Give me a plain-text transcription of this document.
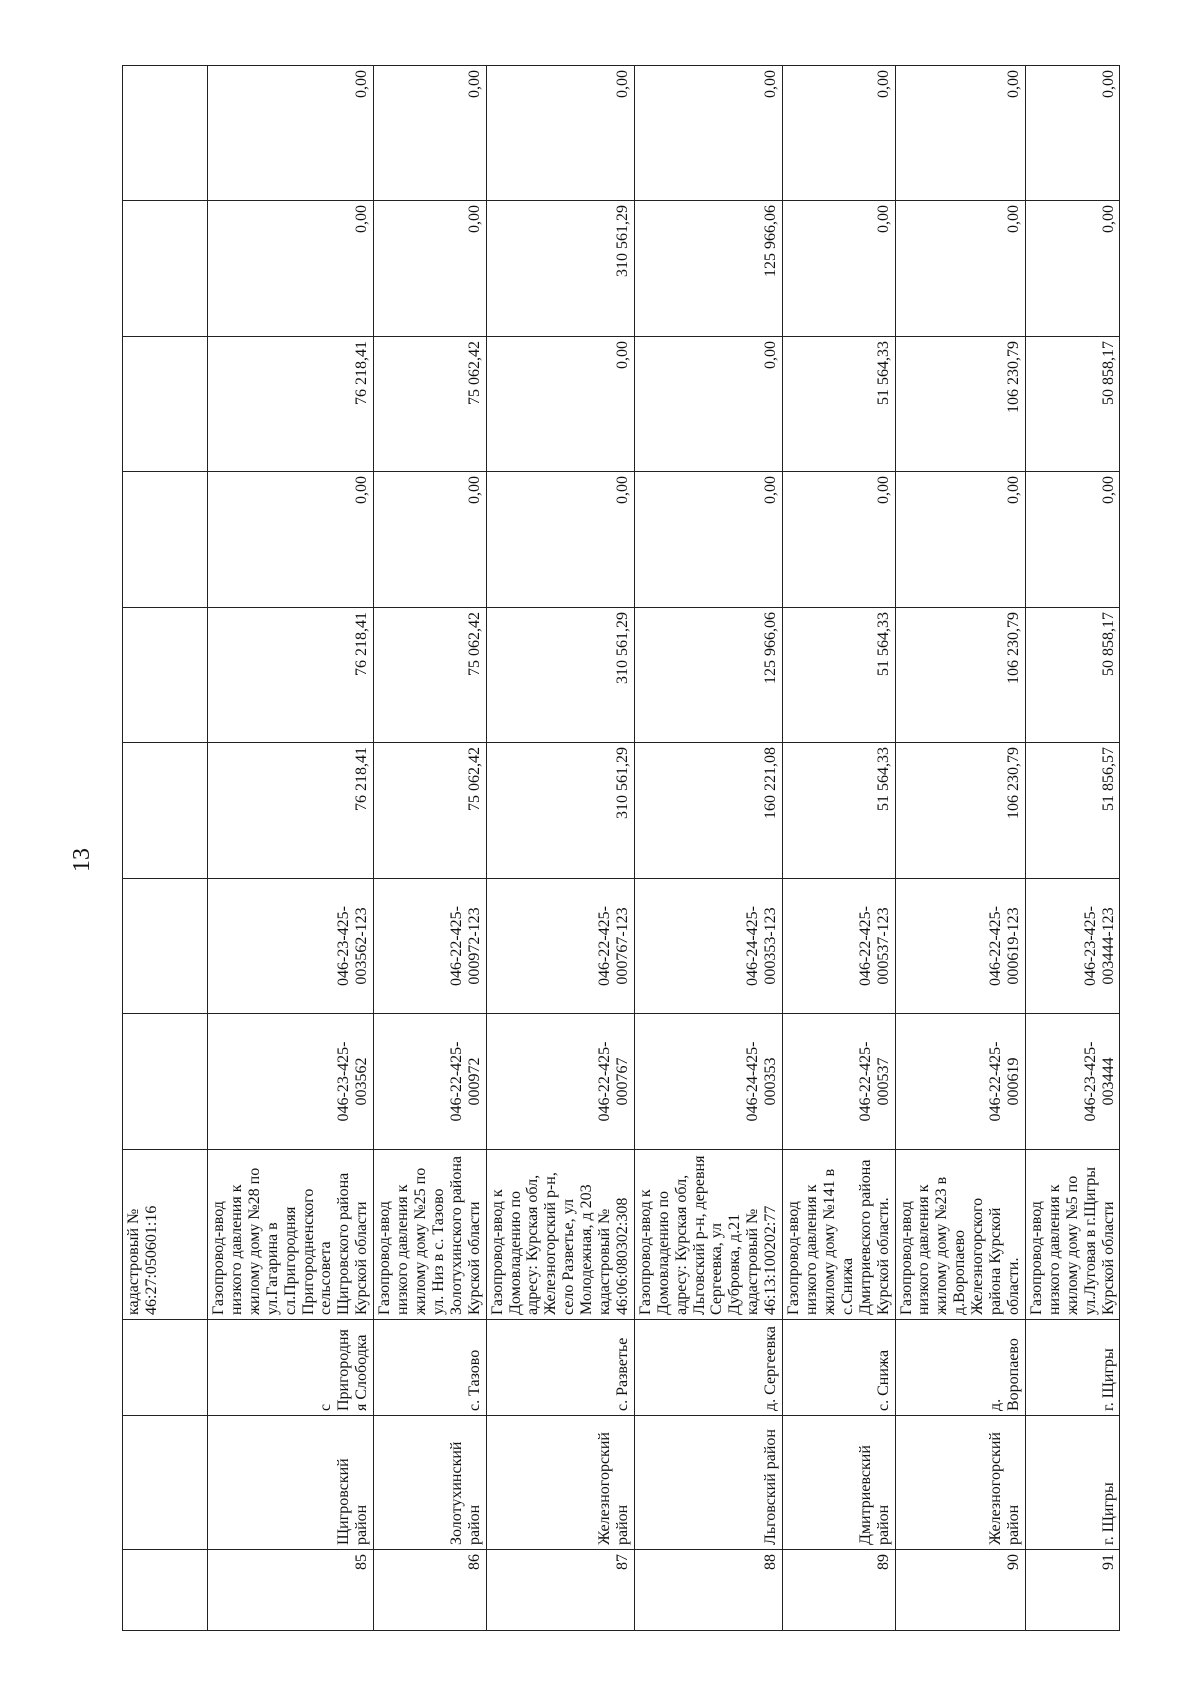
13
			кадастровый № 46:27:050601:16								
85	Щигровский район	с Пригородняя Слободка	Газопровод-ввод низкого давления к жилому дому №28 по ул.Гагарина в сл.Пригородняя Пригородненского сельсовета Щигровского района Курской области	046-23-425-003562	046-23-425-003562-123	76 218,41	76 218,41	0,00	76 218,41	0,00	0,00
86	Золотухинский район	с. Тазово	Газопровод-ввод низкого давления к жилому дому №25 по ул. Низ в с. Тазово Золотухинского района Курской области	046-22-425-000972	046-22-425-000972-123	75 062,42	75 062,42	0,00	75 062,42	0,00	0,00
87	Железногорский район	с. Разветье	Газопровод-ввод к Домовладению по адресу: Курская обл, Железногорский р-н, село Разветье, ул Молодежная, д 203 кадастровый № 46:06:080302:308	046-22-425-000767	046-22-425-000767-123	310 561,29	310 561,29	0,00	0,00	310 561,29	0,00
88	Льговский район	д. Сергеевка	Газопровод-ввод к Домовладению по адресу: Курская обл, Льговский р-н, деревня Сергеевка, ул Дубровка, д.21 кадастровый № 46:13:100202:77	046-24-425-000353	046-24-425-000353-123	160 221,08	125 966,06	0,00	0,00	125 966,06	0,00
89	Дмитриевский район	с. Снижа	Газопровод-ввод низкого давления к жилому дому №141 в с.Снижа Дмитриевского района Курской области.	046-22-425-000537	046-22-425-000537-123	51 564,33	51 564,33	0,00	51 564,33	0,00	0,00
90	Железногорский район	д. Воропаево	Газопровод-ввод низкого давления к жилому дому №23 в д.Воропаево Железногорского района Курской области.	046-22-425-000619	046-22-425-000619-123	106 230,79	106 230,79	0,00	106 230,79	0,00	0,00
91	г. Щигры	г. Щигры	Газопровод-ввод низкого давления к жилому дому №5 по ул.Луговая в г.Щигры Курской области	046-23-425-003444	046-23-425-003444-123	51 856,57	50 858,17	0,00	50 858,17	0,00	0,00
